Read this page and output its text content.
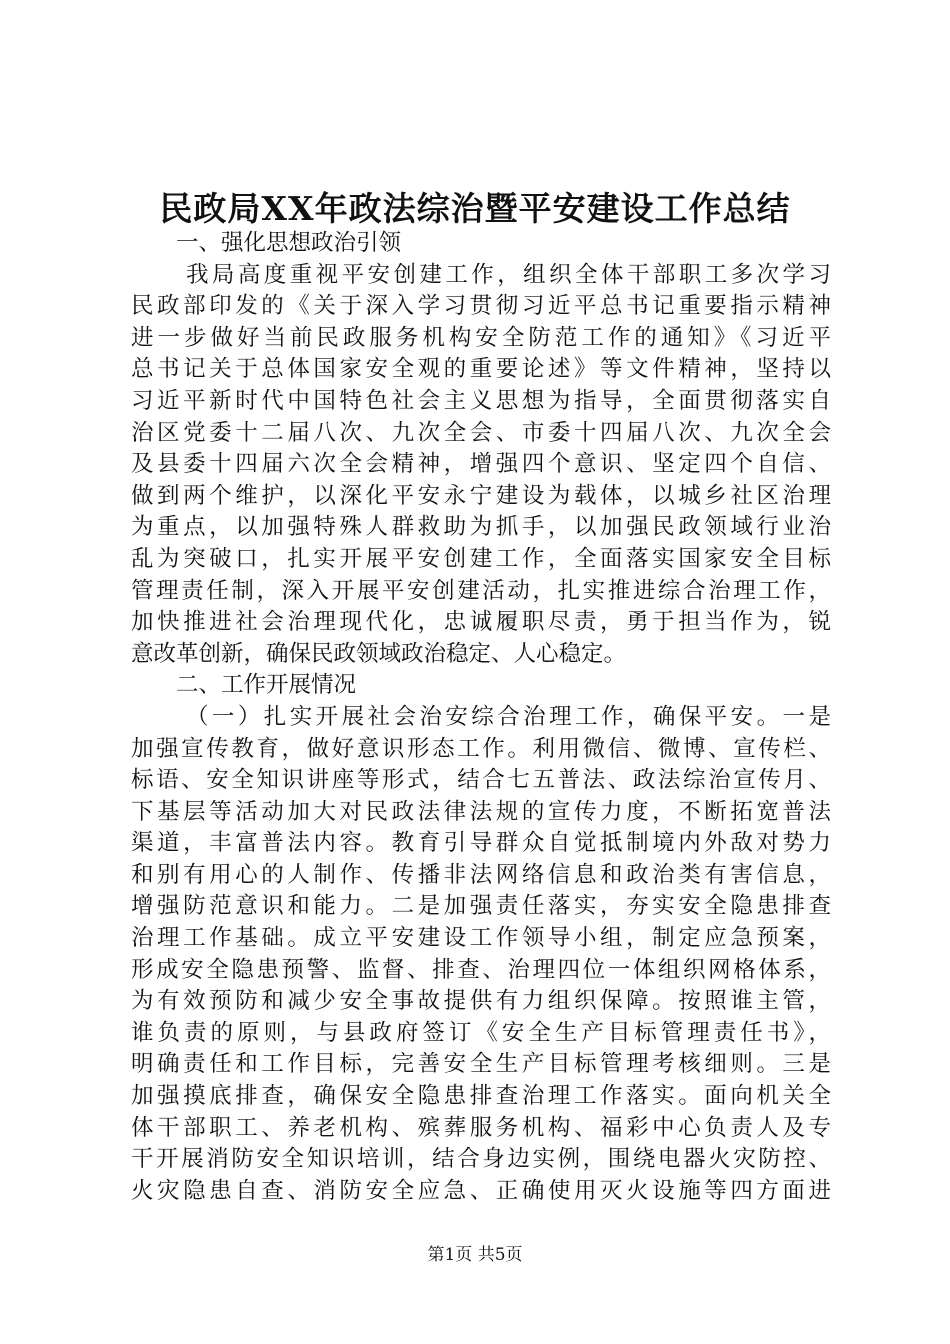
民政局XX年政法综治暨平安建设工作总结
一、强化思想政治引领
我局高度重视平安创建工作，组织全体干部职工多次学习
民政部印发的《关于深入学习贯彻习近平总书记重要指示精神
进一步做好当前民政服务机构安全防范工作的通知》《习近平
总书记关于总体国家安全观的重要论述》等文件精神，坚持以
习近平新时代中国特色社会主义思想为指导，全面贯彻落实自
治区党委十二届八次、九次全会、市委十四届八次、九次全会
及县委十四届六次全会精神，增强四个意识、坚定四个自信、
做到两个维护，以深化平安永宁建设为载体，以城乡社区治理
为重点，以加强特殊人群救助为抓手，以加强民政领域行业治
乱为突破口，扎实开展平安创建工作，全面落实国家安全目标
管理责任制，深入开展平安创建活动，扎实推进综合治理工作，
加快推进社会治理现代化，忠诚履职尽责，勇于担当作为，锐
意改革创新，确保民政领域政治稳定、人心稳定。
二、工作开展情况
（一）扎实开展社会治安综合治理工作，确保平安。一是
加强宣传教育，做好意识形态工作。利用微信、微博、宣传栏、
标语、安全知识讲座等形式，结合七五普法、政法综治宣传月、
下基层等活动加大对民政法律法规的宣传力度，不断拓宽普法
渠道，丰富普法内容。教育引导群众自觉抵制境内外敌对势力
和别有用心的人制作、传播非法网络信息和政治类有害信息，
增强防范意识和能力。二是加强责任落实，夯实安全隐患排查
治理工作基础。成立平安建设工作领导小组，制定应急预案，
形成安全隐患预警、监督、排查、治理四位一体组织网格体系，
为有效预防和减少安全事故提供有力组织保障。按照谁主管，
谁负责的原则，与县政府签订《安全生产目标管理责任书》，
明确责任和工作目标，完善安全生产目标管理考核细则。三是
加强摸底排查，确保安全隐患排查治理工作落实。面向机关全
体干部职工、养老机构、殡葬服务机构、福彩中心负责人及专
干开展消防安全知识培训，结合身边实例，围绕电器火灾防控、
火灾隐患自查、消防安全应急、正确使用灭火设施等四方面进
第1页 共5页
